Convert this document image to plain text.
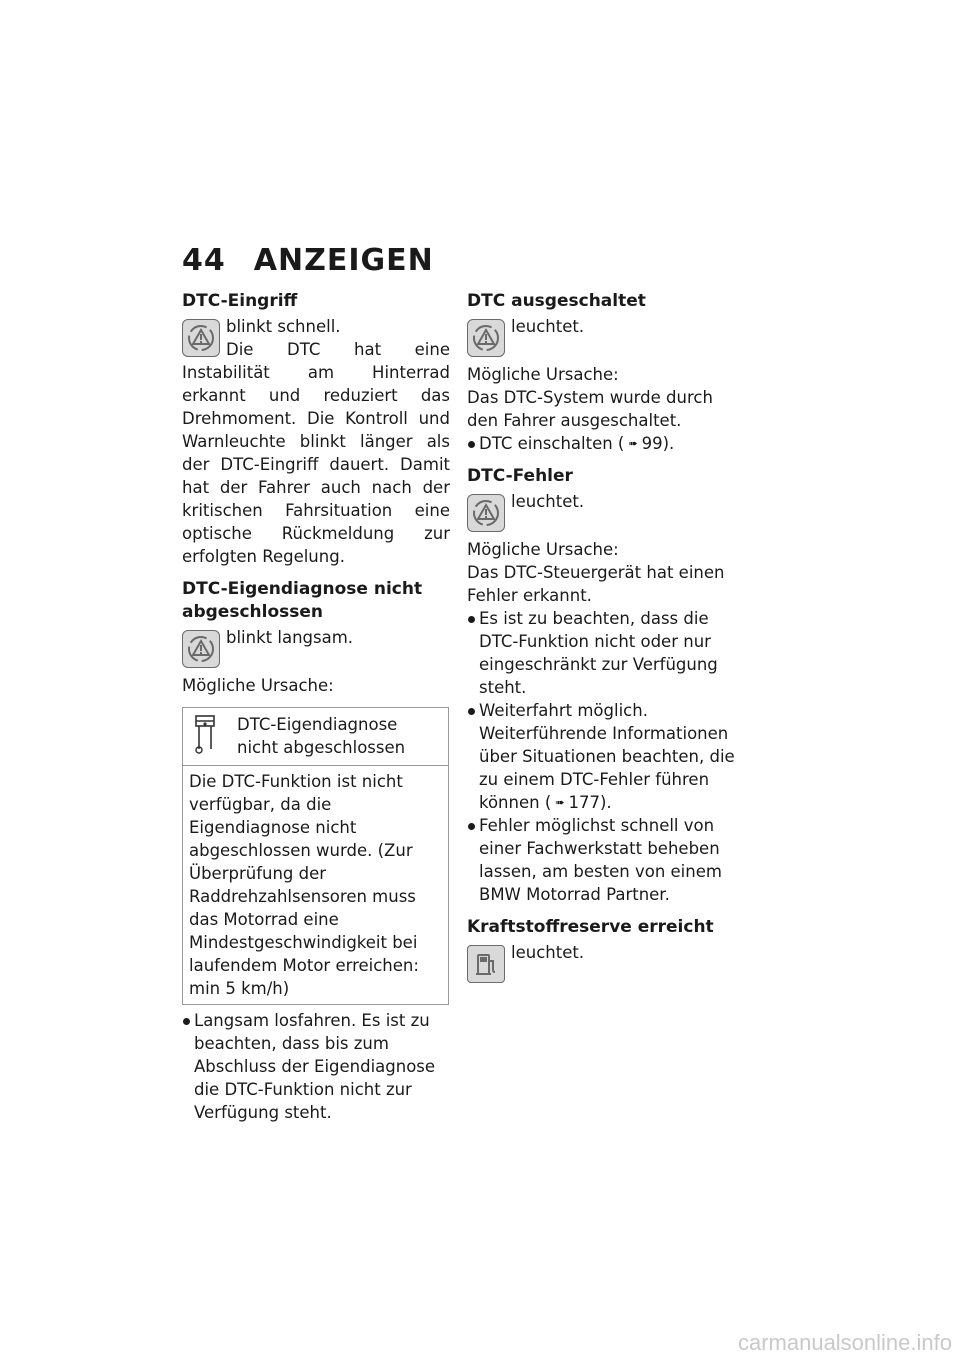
44 ANZEIGEN
DTC-Eingriff

blinkt schnell.

Die DTC hat eine Instabilität am Hinterrad erkannt und reduziert das Drehmoment. Die Kontroll und Warnleuchte blinkt länger als der DTC-Eingriff dauert. Damit hat der Fahrer auch nach der kritischen Fahrsituation eine optische Rückmeldung zur erfolgten Regelung.

DTC-Eigendiagnose nicht abgeschlossen

blinkt langsam.

Mögliche Ursache:

DTC-Eigendiagnose nicht abgeschlossen
Die DTC-Funktion ist nicht verfügbar, da die Eigendiagnose nicht abgeschlossen wurde. (Zur Überprüfung der Raddrehzahlsensoren muss das Motorrad eine Mindestgeschwindigkeit bei laufendem Motor erreichen: min 5 km/h)
Langsam losfahren. Es ist zu beachten, dass bis zum Abschluss der Eigendiagnose die DTC-Funktion nicht zur Verfügung steht.
DTC ausgeschaltet

leuchtet.

Mögliche Ursache:

Das DTC-System wurde durch den Fahrer ausgeschaltet.

DTC einschalten ( ➠ 99).
DTC-Fehler

leuchtet.

Mögliche Ursache:

Das DTC-Steuergerät hat einen Fehler erkannt.

Es ist zu beachten, dass die DTC-Funktion nicht oder nur eingeschränkt zur Verfügung steht.
Weiterfahrt möglich. Weiterführende Informationen über Situationen beachten, die zu einem DTC-Fehler führen können ( ➠ 177).
Fehler möglichst schnell von einer Fachwerkstatt beheben lassen, am besten von einem BMW Motorrad Partner.
Kraftstoffreserve erreicht

leuchtet.

carmanualsonline.info
